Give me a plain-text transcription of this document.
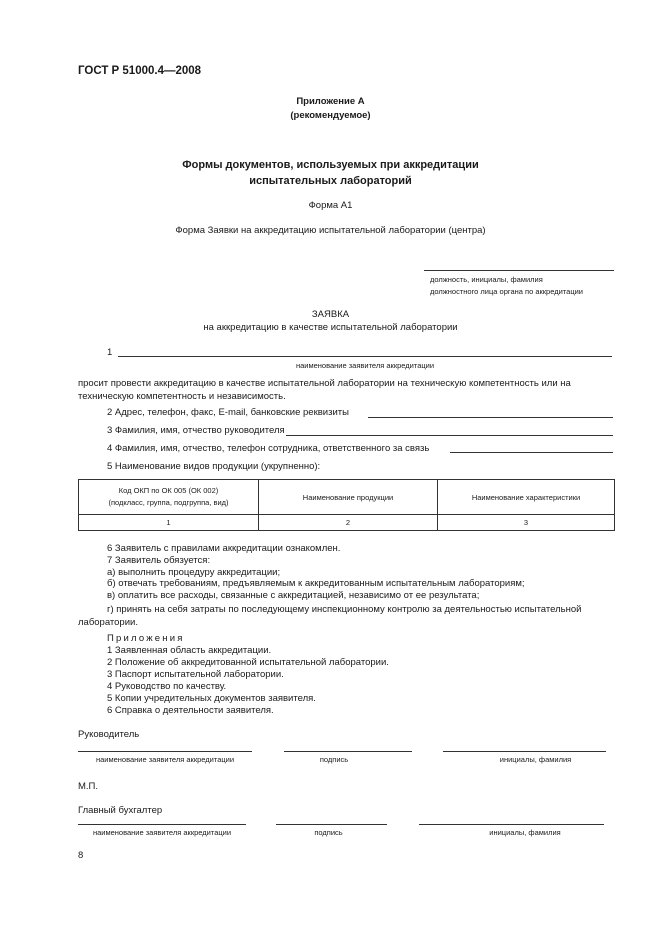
ГОСТ Р 51000.4—2008
Приложение А
(рекомендуемое)
Формы документов, используемых при аккредитации
испытательных лабораторий
Форма А1
Форма Заявки на аккредитацию испытательной лаборатории (центра)
должность, инициалы, фамилия
должностного лица органа по аккредитации
ЗАЯВКА
на аккредитацию в качестве испытательной лаборатории
1
наименование заявителя аккредитации
просит провести аккредитацию в качестве испытательной лаборатории на техническую компетентность или на техническую компетентность и независимость.
2 Адрес, телефон, факс, E-mail, банковские реквизиты
3 Фамилия, имя, отчество руководителя
4 Фамилия, имя, отчество, телефон сотрудника, ответственного за связь
5 Наименование видов продукции (укрупненно):
Код ОКП по ОК 005 (ОК 002)
(подкласс, группа, подгруппа, вид)	Наименование продукции	Наименование характеристики
1	2	3
6 Заявитель с правилами аккредитации ознакомлен.
7 Заявитель обязуется:
а) выполнить процедуру аккредитации;
б) отвечать требованиям, предъявляемым к аккредитованным испытательным лабораториям;
в) оплатить все расходы, связанные с аккредитацией, независимо от ее результата;
г) принять на себя затраты по последующему инспекционному контролю за деятельностью испытательной лаборатории.
Приложения
1 Заявленная область аккредитации.
2 Положение об аккредитованной испытательной лаборатории.
3 Паспорт испытательной лаборатории.
4 Руководство по качеству.
5 Копии учредительных документов заявителя.
6 Справка о деятельности заявителя.
Руководитель
наименование заявителя аккредитации	подпись	инициалы, фамилия
М.П.
Главный бухгалтер
наименование заявителя аккредитации	подпись	инициалы, фамилия
8
